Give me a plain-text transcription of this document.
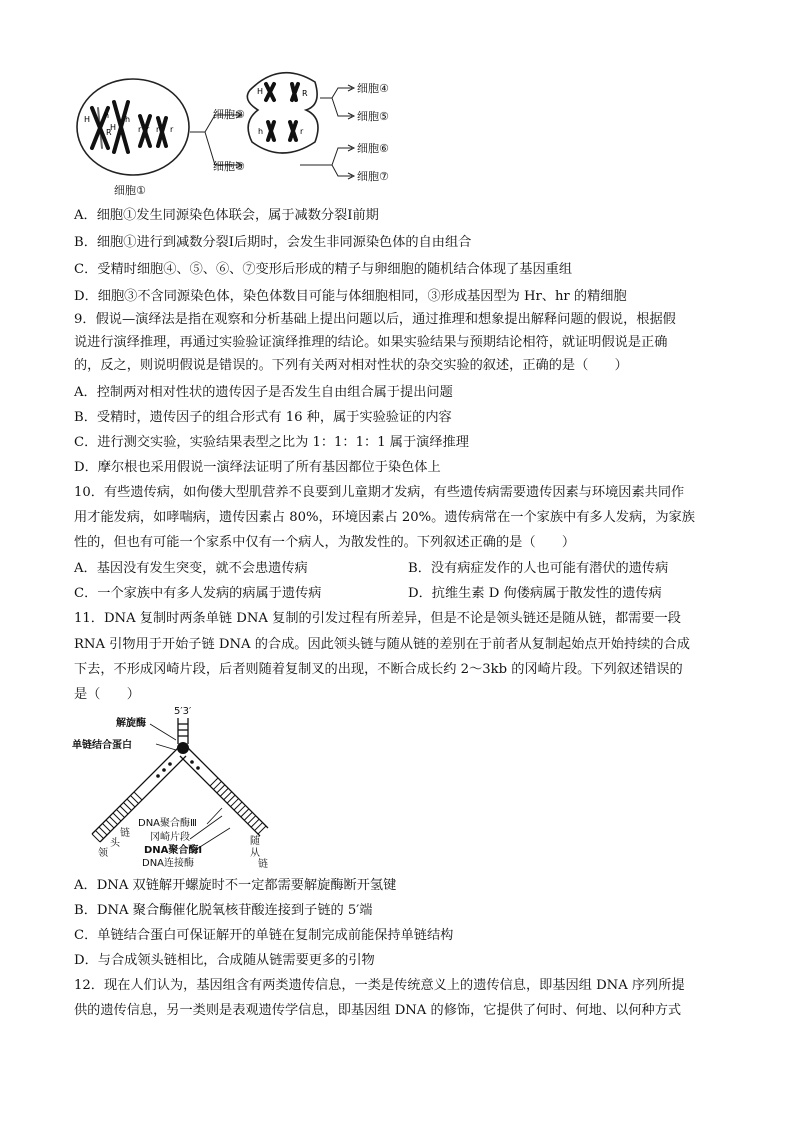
H h
H
h
R	r r r r
细胞①
细胞②
细胞③
H	R
h	r
细胞④
细胞⑤
细胞⑥
细胞⑦
A．细胞①发生同源染色体联会，属于减数分裂I前期
B．细胞①进行到减数分裂I后期时，会发生非同源染色体的自由组合
C．受精时细胞④、⑤、⑥、⑦变形后形成的精子与卵细胞的随机结合体现了基因重组
D．细胞③不含同源染色体，染色体数目可能与体细胞相同，③形成基因型为 Hr、hr 的精细胞
9．假说—演绎法是指在观察和分析基础上提出问题以后，通过推理和想象提出解释问题的假说，根据假
说进行演绎推理，再通过实验验证演绎推理的结论。如果实验结果与预期结论相符，就证明假说是正确
的，反之，则说明假说是错误的。下列有关两对相对性状的杂交实验的叙述，正确的是（　　）
A．控制两对相对性状的遗传因子是否发生自由组合属于提出问题
B．受精时，遗传因子的组合形式有 16 种，属于实验验证的内容
C．进行测交实验，实验结果表型之比为 1：1：1：1 属于演绎推理
D．摩尔根也采用假说一演绎法证明了所有基因都位于染色体上
10．有些遗传病，如佝偻大型肌营养不良要到儿童期才发病，有些遗传病需要遗传因素与环境因素共同作
用才能发病，如哮喘病，遗传因素占 80%，环境因素占 20%。遗传病常在一个家族中有多人发病，为家族
性的，但也有可能一个家系中仅有一个病人，为散发性的。下列叙述正确的是（　　）
A．基因没有发生突变，就不会患遗传病	B．没有病症发作的人也可能有潜伏的遗传病
C．一个家族中有多人发病的病属于遗传病	D．抗维生素 D 佝偻病属于散发性的遗传病
11．DNA 复制时两条单链 DNA 复制的引发过程有所差异，但是不论是领头链还是随从链，都需要一段
RNA 引物用于开始子链 DNA 的合成。因此领头链与随从链的差别在于前者从复制起始点开始持续的合成
下去，不形成冈崎片段，后者则随着复制叉的出现，不断合成长约 2～3kb 的冈崎片段。下列叙述错误的
是（　　）
5′3′
解旋酶
单链结合蛋白
DNA聚合酶Ⅲ
冈崎片段
DNA聚合酶Ⅰ
DNA连接酶
领
头
链
随
从
链
A．DNA 双链解开螺旋时不一定都需要解旋酶断开氢键
B．DNA 聚合酶催化脱氧核苷酸连接到子链的 5′端
C．单链结合蛋白可保证解开的单链在复制完成前能保持单链结构
D．与合成领头链相比，合成随从链需要更多的引物
12．现在人们认为，基因组含有两类遗传信息，一类是传统意义上的遗传信息，即基因组 DNA 序列所提
供的遗传信息，另一类则是表观遗传学信息，即基因组 DNA 的修饰，它提供了何时、何地、以何种方式
